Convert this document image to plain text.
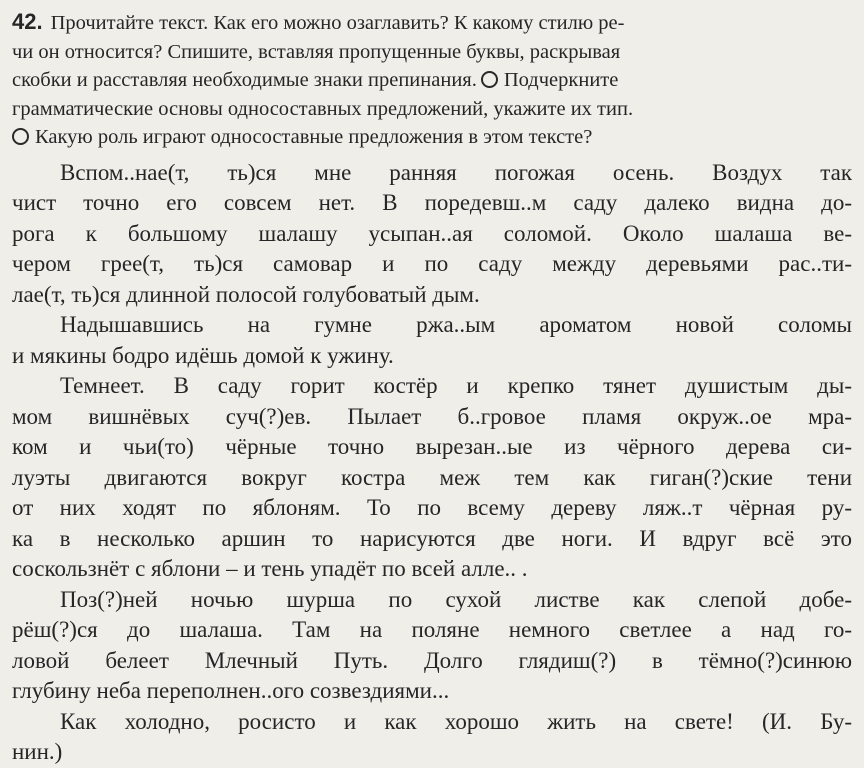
42. Прочитайте текст. Как его можно озаглавить? К какому стилю ре-
чи он относится? Спишите, вставляя пропущенные буквы, раскрывая
скобки и расставляя необходимые знаки препинания. Подчеркните
грамматические основы односоставных предложений, укажите их тип.
Какую роль играют односоставные предложения в этом тексте?
Вспом..нае(т, ть)ся мне ранняя погожая осень. Воздух так
чист точно его совсем нет. В поредевш..м саду далеко видна до-
рога к большому шалашу усыпан..ая соломой. Около шалаша ве-
чером грее(т, ть)ся самовар и по саду между деревьями рас..ти-
лае(т, ть)ся длинной полосой голубоватый дым.
Надышавшись на гумне ржа..ым ароматом новой соломы
и мякины бодро идёшь домой к ужину.
Темнеет. В саду горит костёр и крепко тянет душистым ды-
мом вишнёвых суч(?)ев. Пылает б..гровое пламя окруж..ое мра-
ком и чьи(то) чёрные точно вырезан..ые из чёрного дерева си-
луэты двигаются вокруг костра меж тем как гиган(?)ские тени
от них ходят по яблоням. То по всему дереву ляж..т чёрная ру-
ка в несколько аршин то нарисуются две ноги. И вдруг всё это
соскользнёт с яблони – и тень упадёт по всей алле.. .
Поз(?)ней ночью шурша по сухой листве как слепой добе-
рёш(?)ся до шалаша. Там на поляне немного светлее а над го-
ловой белеет Млечный Путь. Долго глядиш(?) в тёмно(?)синюю
глубину неба переполнен..ого созвездиями...
Как холодно, росисто и как хорошо жить на свете! (И. Бу-
нин.)
